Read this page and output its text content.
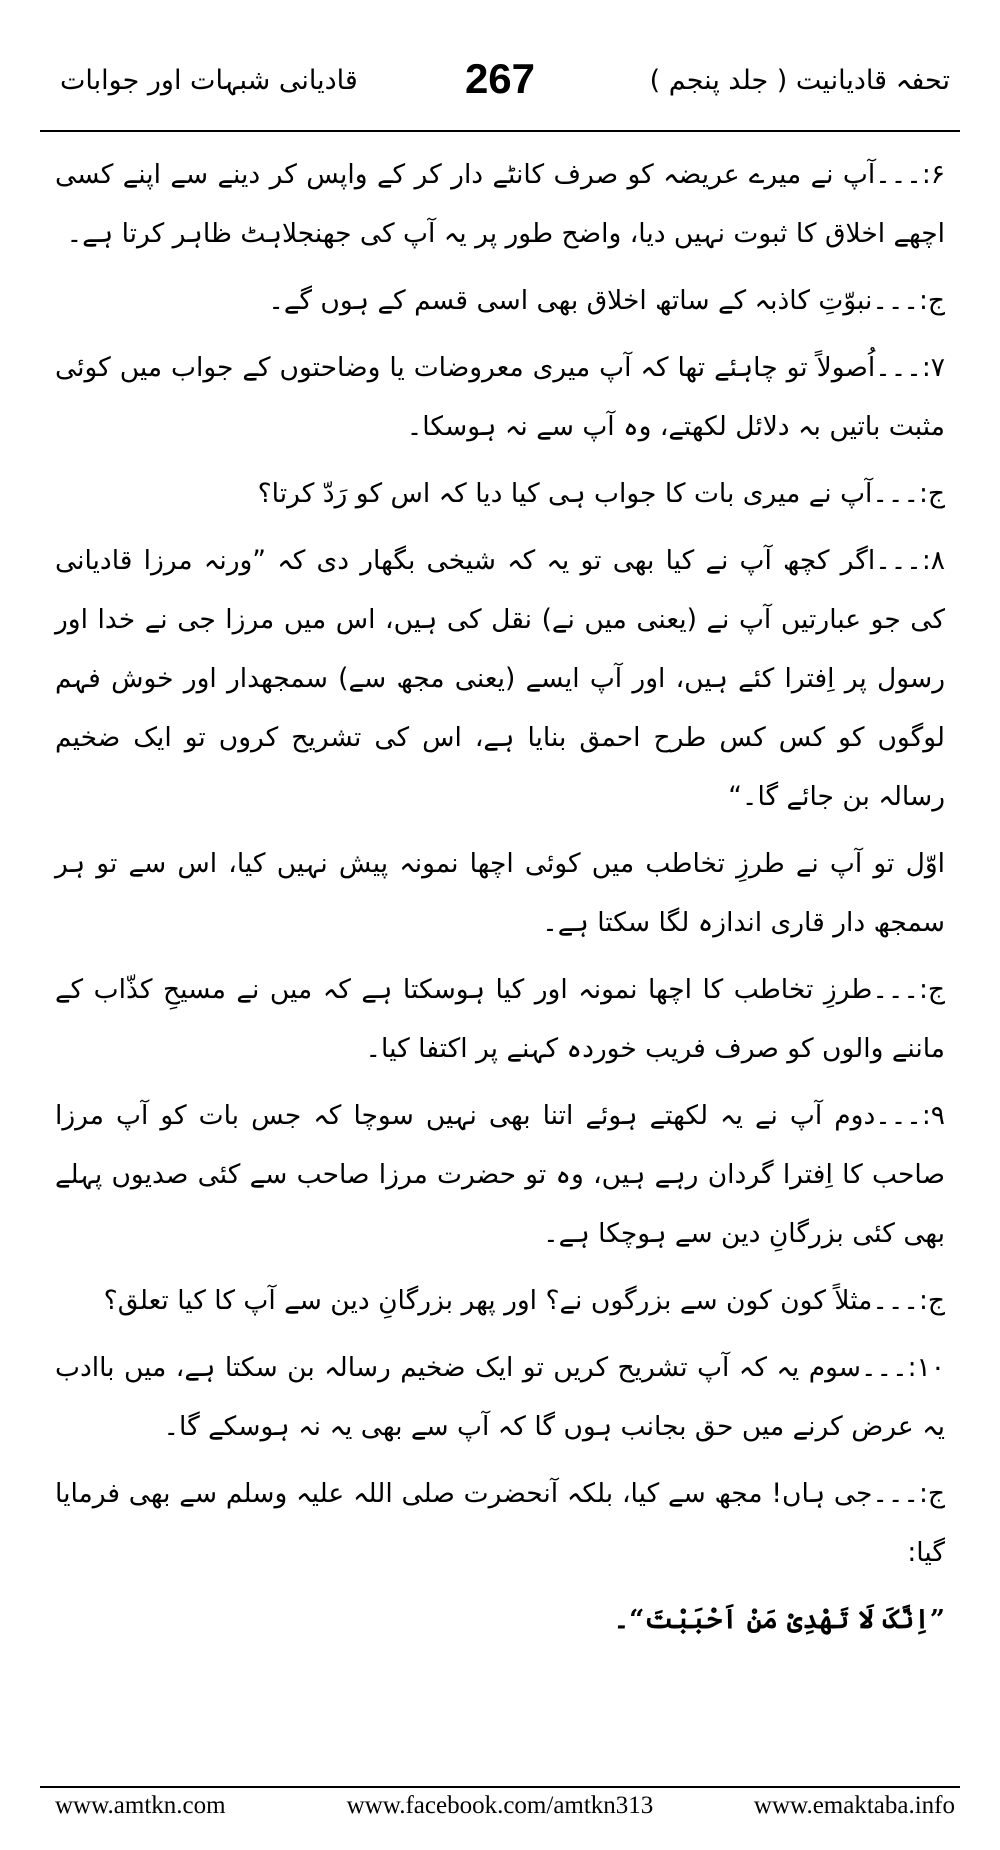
قادیانی شبہات اور جوابات	267	تحفہ قادیانیت ( جلد پنجم )

۶:۔۔۔آپ نے میرے عریضہ کو صرف کانٹے دار کر کے واپس کر دینے سے اپنے کسی اچھے اخلاق کا ثبوت نہیں دیا، واضح طور پر یہ آپ کی جھنجلاہٹ ظاہر کرتا ہے۔

ج:۔۔۔نبوّتِ کاذبہ کے ساتھ اخلاق بھی اسی قسم کے ہوں گے۔

۷:۔۔۔اُصولاً تو چاہئے تھا کہ آپ میری معروضات یا وضاحتوں کے جواب میں کوئی مثبت باتیں بہ دلائل لکھتے، وہ آپ سے نہ ہوسکا۔

ج:۔۔۔آپ نے میری بات کا جواب ہی کیا دیا کہ اس کو رَدّ کرتا؟

۸:۔۔۔اگر کچھ آپ نے کیا بھی تو یہ کہ شیخی بگھار دی کہ ”ورنہ مرزا قادیانی کی جو عبارتیں آپ نے (یعنی میں نے) نقل کی ہیں، اس میں مرزا جی نے خدا اور رسول پر اِفترا کئے ہیں، اور آپ ایسے (یعنی مجھ سے) سمجھدار اور خوش فہم لوگوں کو کس کس طرح احمق بنایا ہے، اس کی تشریح کروں تو ایک ضخیم رسالہ بن جائے گا۔“

اوّل تو آپ نے طرزِ تخاطب میں کوئی اچھا نمونہ پیش نہیں کیا، اس سے تو ہر سمجھ دار قاری اندازہ لگا سکتا ہے۔

ج:۔۔۔طرزِ تخاطب کا اچھا نمونہ اور کیا ہوسکتا ہے کہ میں نے مسیحِ کذّاب کے ماننے والوں کو صرف فریب خوردہ کہنے پر اکتفا کیا۔

۹:۔۔۔دوم آپ نے یہ لکھتے ہوئے اتنا بھی نہیں سوچا کہ جس بات کو آپ مرزا صاحب کا اِفترا گردان رہے ہیں، وہ تو حضرت مرزا صاحب سے کئی صدیوں پہلے بھی کئی بزرگانِ دین سے ہوچکا ہے۔

ج:۔۔۔مثلاً کون کون سے بزرگوں نے؟ اور پھر بزرگانِ دین سے آپ کا کیا تعلق؟

۱۰:۔۔۔سوم یہ کہ آپ تشریح کریں تو ایک ضخیم رسالہ بن سکتا ہے، میں باادب یہ عرض کرنے میں حق بجانب ہوں گا کہ آپ سے بھی یہ نہ ہوسکے گا۔

ج:۔۔۔جی ہاں! مجھ سے کیا، بلکہ آنحضرت صلی اللہ علیہ وسلم سے بھی فرمایا گیا:

”اِنَّکَ لَا تَھْدِیْ مَنْ اَحْبَبْتَ“۔

www.amtkn.com	www.facebook.com/amtkn313	www.emaktaba.info
